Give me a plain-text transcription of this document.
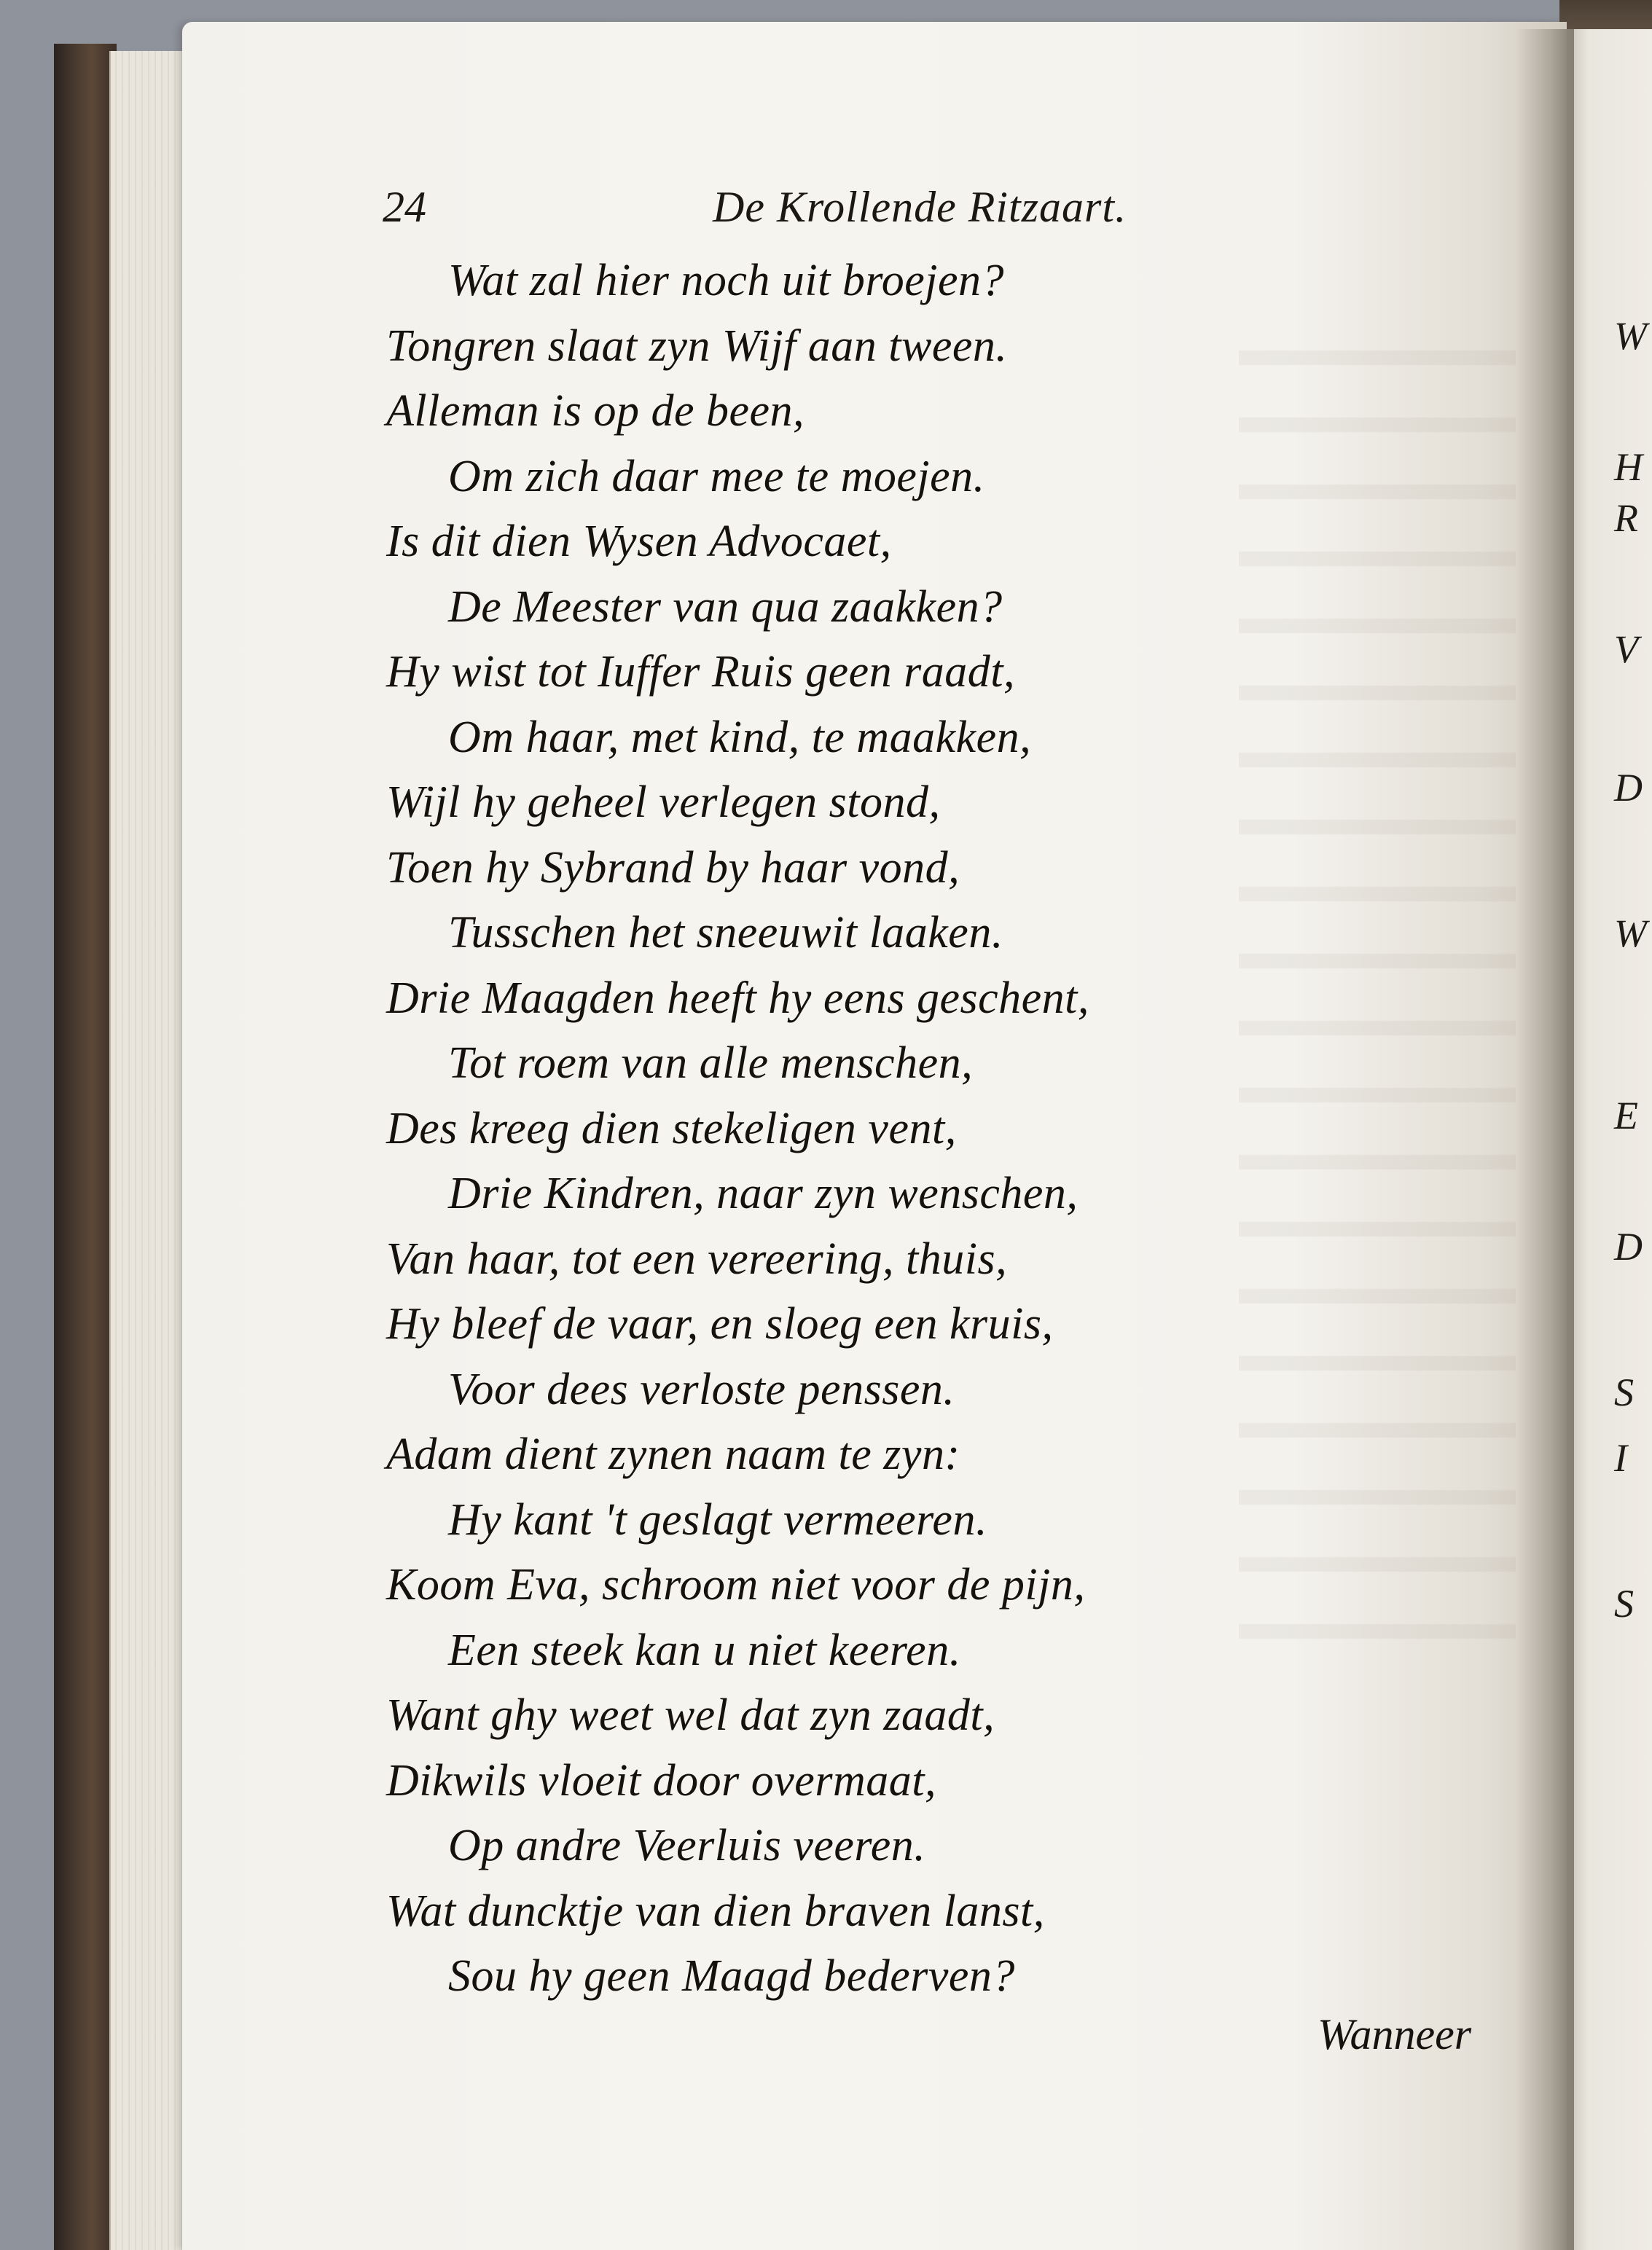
24	De Krollende Ritzaart.
Wat zal hier noch uit broejen?
Tongren slaat zyn Wijf aan tween.
Alleman is op de been,
Om zich daar mee te moejen.
Is dit dien Wysen Advocaet,
De Meester van qua zaakken?
Hy wist tot Iuffer Ruis geen raadt,
Om haar, met kind, te maakken,
Wijl hy geheel verlegen stond,
Toen hy Sybrand by haar vond,
Tusschen het sneeuwit laaken.
Drie Maagden heeft hy eens geschent,
Tot roem van alle menschen,
Des kreeg dien stekeligen vent,
Drie Kindren, naar zyn wenschen,
Van haar, tot een vereering, thuis,
Hy bleef de vaar, en sloeg een kruis,
Voor dees verloste penssen.
Adam dient zynen naam te zyn:
Hy kant 't geslagt vermeeren.
Koom Eva, schroom niet voor de pijn,
Een steek kan u niet keeren.
Want ghy weet wel dat zyn zaadt,
Dikwils vloeit door overmaat,
Op andre Veerluis veeren.
Wat duncktje van dien braven lanst,
Sou hy geen Maagd bederven?
Wanneer
W
H
R
V
D
W
E
D
S
I
S
